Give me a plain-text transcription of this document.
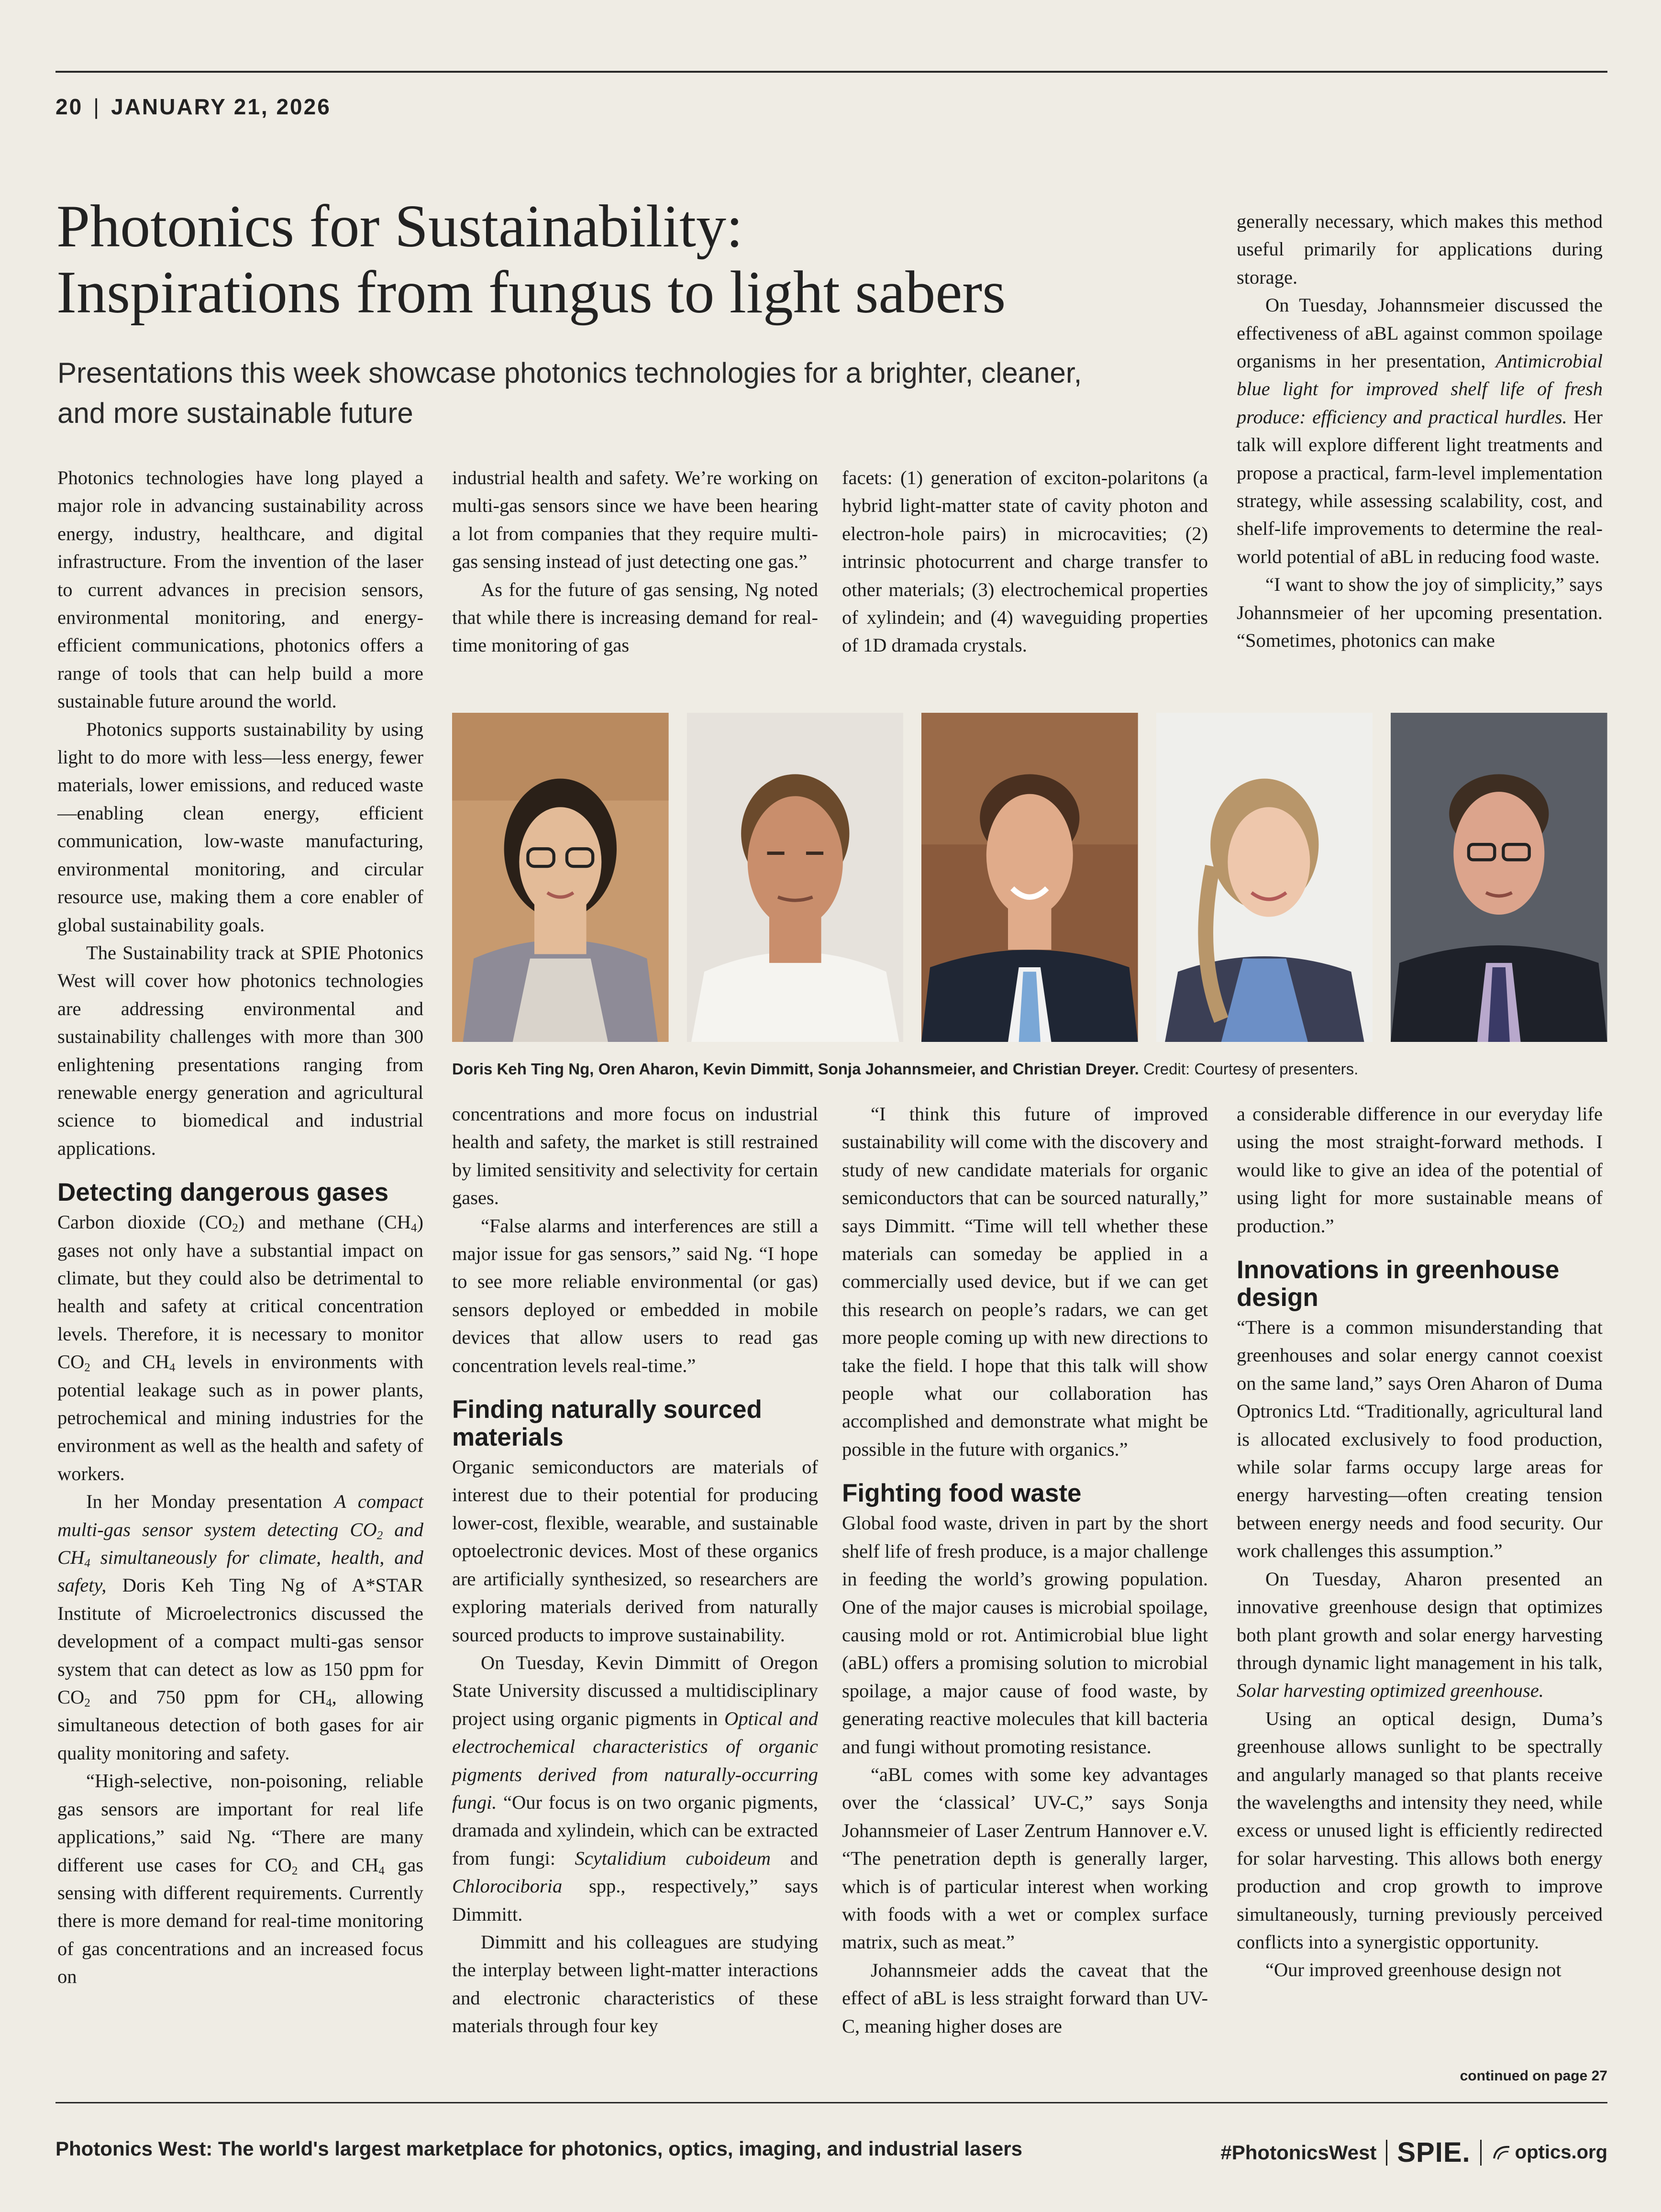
20 | JANUARY 21, 2026
Photonics for Sustainability:
Inspirations from fungus to light sabers
Presentations this week showcase photonics technologies for a brighter, cleaner, and more sustainable future

Photonics technologies have long played a major role in advancing sustainability across energy, industry, healthcare, and digital infrastructure. From the invention of the laser to current advances in precision sensors, environmental monitoring, and energy-efficient communications, photonics offers a range of tools that can help build a more sustainable future around the world.

Photonics supports sustainability by using light to do more with less—less energy, fewer materials, lower emissions, and reduced waste—enabling clean energy, efficient communication, low-waste manufacturing, environmental monitoring, and circular resource use, making them a core enabler of global sustainability goals.

The Sustainability track at SPIE Photonics West will cover how photonics technologies are addressing environmental and sustainability challenges with more than 300 enlightening presentations ranging from renewable energy generation and agricultural science to biomedical and industrial applications.

Detecting dangerous gases

Carbon dioxide $(CO_2)$ and methane $(CH_4)$ gases not only have a substantial impact on climate, but they could also be detrimental to health and safety at critical concentration levels. Therefore, it is necessary to monitor $CO_2$ and $CH_4$ levels in environments with potential leakage such as in power plants, petrochemical and mining industries for the environment as well as the health and safety of workers.

In her Monday presentation A compact multi-gas sensor system detecting $CO_2$ and $CH_4$ simultaneously for climate, health, and safety, Doris Keh Ting Ng of A*STAR Institute of Microelectronics discussed the development of a compact multi-gas sensor system that can detect as low as 150 ppm for $CO_2$ and 750 ppm for $CH_4$, allowing simultaneous detection of both gases for air quality monitoring and safety.

“High-selective, non-poisoning, reliable gas sensors are important for real life applications,” said Ng. “There are many different use cases for $CO_2$ and $CH_4$ gas sensing with different requirements. Currently there is more demand for real-time monitoring of gas concentrations and an increased focus on

industrial health and safety. We’re working on multi-gas sensors since we have been hearing a lot from companies that they require multi-gas sensing instead of just detecting one gas.”

As for the future of gas sensing, Ng noted that while there is increasing demand for real-time monitoring of gas

facets: (1) generation of exciton-polaritons (a hybrid light-matter state of cavity photon and electron-hole pairs) in microcavities; (2) intrinsic photocurrent and charge transfer to other materials; (3) electrochemical properties of xylindein; and (4) waveguiding properties of 1D dramada crystals.

generally necessary, which makes this method useful primarily for applications during storage.

On Tuesday, Johannsmeier discussed the effectiveness of aBL against common spoilage organisms in her presentation, Antimicrobial blue light for improved shelf life of fresh produce: efficiency and practical hurdles. Her talk will explore different light treatments and propose a practical, farm-level implementation strategy, while assessing scalability, cost, and shelf-life improvements to determine the real-world potential of aBL in reducing food waste.

“I want to show the joy of simplicity,” says Johannsmeier of her upcoming presentation. “Sometimes, photonics can make

Doris Keh Ting Ng, Oren Aharon, Kevin Dimmitt, Sonja Johannsmeier, and Christian Dreyer. Credit: Courtesy of presenters.

concentrations and more focus on industrial health and safety, the market is still restrained by limited sensitivity and selectivity for certain gases.

“False alarms and interferences are still a major issue for gas sensors,” said Ng. “I hope to see more reliable environmental (or gas) sensors deployed or embedded in mobile devices that allow users to read gas concentration levels real-time.”

Finding naturally sourced materials

Organic semiconductors are materials of interest due to their potential for producing lower-cost, flexible, wearable, and sustainable optoelectronic devices. Most of these organics are artificially synthesized, so researchers are exploring materials derived from naturally sourced products to improve sustainability.

On Tuesday, Kevin Dimmitt of Oregon State University discussed a multidisciplinary project using organic pigments in Optical and electrochemical characteristics of organic pigments derived from naturally-occurring fungi. “Our focus is on two organic pigments, dramada and xylindein, which can be extracted from fungi: Scytalidium cuboideum and Chlorociboria spp., respectively,” says Dimmitt.

Dimmitt and his colleagues are studying the interplay between light-matter interactions and electronic characteristics of these materials through four key

“I think this future of improved sustainability will come with the discovery and study of new candidate materials for organic semiconductors that can be sourced naturally,” says Dimmitt. “Time will tell whether these materials can someday be applied in a commercially used device, but if we can get this research on people’s radars, we can get more people coming up with new directions to take the field. I hope that this talk will show people what our collaboration has accomplished and demonstrate what might be possible in the future with organics.”

Fighting food waste

Global food waste, driven in part by the short shelf life of fresh produce, is a major challenge in feeding the world’s growing population. One of the major causes is microbial spoilage, causing mold or rot. Antimicrobial blue light (aBL) offers a promising solution to microbial spoilage, a major cause of food waste, by generating reactive molecules that kill bacteria and fungi without promoting resistance.

“aBL comes with some key advantages over the ‘classical’ UV-C,” says Sonja Johannsmeier of Laser Zentrum Hannover e.V. “The penetration depth is generally larger, which is of particular interest when working with foods with a wet or complex surface matrix, such as meat.”

Johannsmeier adds the caveat that the effect of aBL is less straight forward than UV-C, meaning higher doses are

a considerable difference in our everyday life using the most straight-forward methods. I would like to give an idea of the potential of using light for more sustainable means of production.”

Innovations in greenhouse design

“There is a common misunderstanding that greenhouses and solar energy cannot coexist on the same land,” says Oren Aharon of Duma Optronics Ltd. “Traditionally, agricultural land is allocated exclusively to food production, while solar farms occupy large areas for energy harvesting—often creating tension between energy needs and food security. Our work challenges this assumption.”

On Tuesday, Aharon presented an innovative greenhouse design that optimizes both plant growth and solar energy harvesting through dynamic light management in his talk, Solar harvesting optimized greenhouse.

Using an optical design, Duma’s greenhouse allows sunlight to be spectrally and angularly managed so that plants receive the wavelengths and intensity they need, while excess or unused light is efficiently redirected for solar harvesting. This allows both energy production and crop growth to improve simultaneously, turning previously perceived conflicts into a synergistic opportunity.

“Our improved greenhouse design not

continued on page 27
Photonics West: The world's largest marketplace for photonics, optics, imaging, and industrial lasers	#PhotonicsWest SPIE. optics.org
